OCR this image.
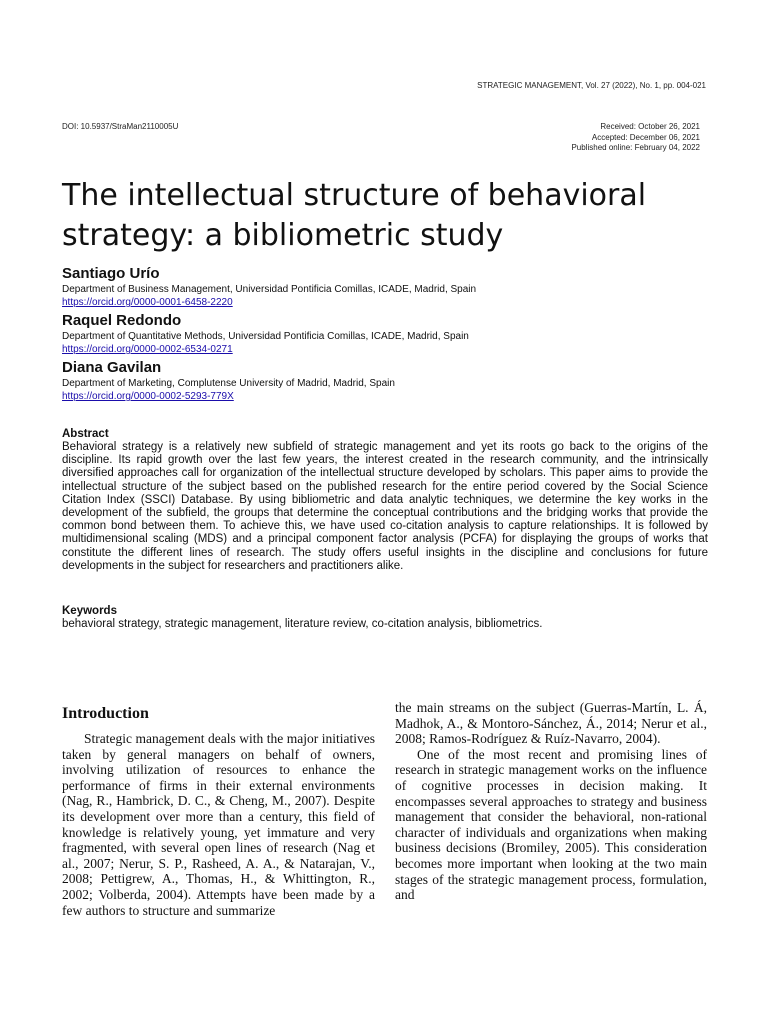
STRATEGIC MANAGEMENT, Vol. 27 (2022), No. 1, pp. 004-021
DOI: 10.5937/StraMan2110005U	Received: October 26, 2021
Accepted: December 06, 2021
Published online: February 04, 2022
The intellectual structure of behavioral
strategy: a bibliometric study
Santiago Urío
Department of Business Management, Universidad Pontificia Comillas, ICADE, Madrid, Spain
https://orcid.org/0000-0001-6458-2220
Raquel Redondo
Department of Quantitative Methods, Universidad Pontificia Comillas, ICADE, Madrid, Spain
https://orcid.org/0000-0002-6534-0271
Diana Gavilan
Department of Marketing, Complutense University of Madrid, Madrid, Spain
https://orcid.org/0000-0002-5293-779X
Abstract

Behavioral strategy is a relatively new subfield of strategic management and yet its roots go back to the origins of the discipline. Its rapid growth over the last few years, the interest created in the research community, and the intrinsically diversified approaches call for organization of the intellectual structure developed by scholars. This paper aims to provide the intellectual structure of the subject based on the published research for the entire period covered by the Social Science Citation Index (SSCI) Database. By using bibliometric and data analytic techniques, we determine the key works in the development of the subfield, the groups that determine the conceptual contributions and the bridging works that provide the common bond between them. To achieve this, we have used co-citation analysis to capture relationships. It is followed by multidimensional scaling (MDS) and a principal component factor analysis (PCFA) for displaying the groups of works that constitute the different lines of research. The study offers useful insights in the discipline and conclusions for future developments in the subject for researchers and practitioners alike.

Keywords

behavioral strategy, strategic management, literature review, co-citation analysis, bibliometrics.

Introduction

Strategic management deals with the major initiatives taken by general managers on behalf of owners, involving utilization of resources to enhance the performance of firms in their external environments (Nag, R., Hambrick, D. C., & Cheng, M., 2007). Despite its development over more than a century, this field of knowledge is relatively young, yet immature and very fragmented, with several open lines of research (Nag et al., 2007; Nerur, S. P., Rasheed, A. A., & Natarajan, V., 2008; Pettigrew, A., Thomas, H., & Whittington, R., 2002; Volberda, 2004). Attempts have been made by a few authors to structure and summarize

the main streams on the subject (Guerras-Martín, L. Á, Madhok, A., & Montoro-Sánchez, Á., 2014; Nerur et al., 2008; Ramos-Rodríguez & Ruíz-Navarro, 2004).

One of the most recent and promising lines of research in strategic management works on the influence of cognitive processes in decision making. It encompasses several approaches to strategy and business management that consider the behavioral, non-rational character of individuals and organizations when making business decisions (Bromiley, 2005). This consideration becomes more important when looking at the two main stages of the strategic management process, formulation, and
